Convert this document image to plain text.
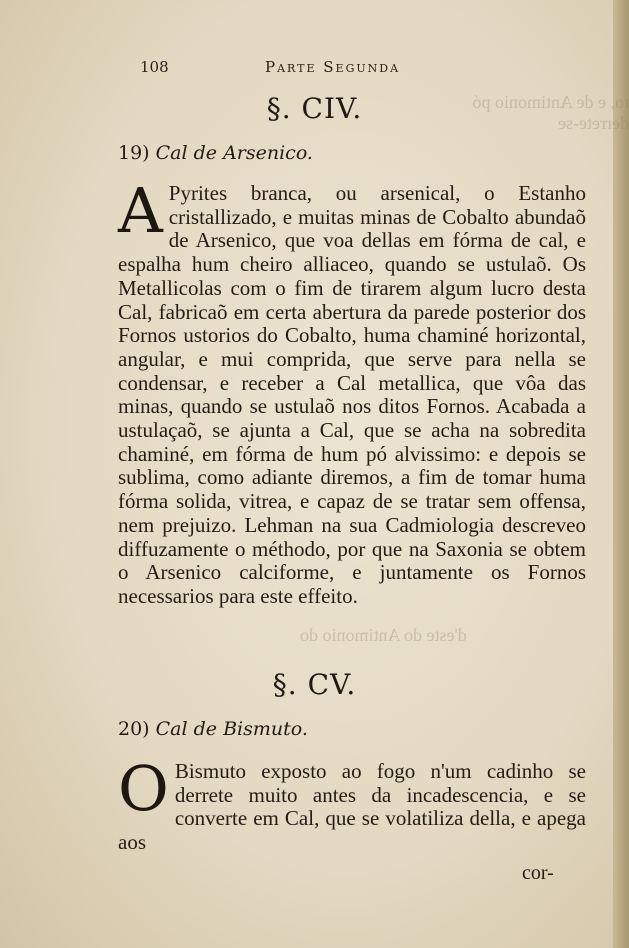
to, e de Antimonio pó derrete-se
d'este do Antimonio do
108	Parte Segunda
§. CIV.
19) Cal de Arsenico.
A Pyrites branca, ou arsenical, o Estanho cristallizado, e muitas minas de Cobalto abundaõ de Arsenico, que voa dellas em fórma de cal, e espalha hum cheiro alliaceo, quando se ustulaõ. Os Metallicolas com o fim de tirarem algum lucro desta Cal, fabricaõ em certa abertura da parede posterior dos Fornos ustorios do Cobalto, huma chaminé horizontal, angular, e mui comprida, que serve para nella se condensar, e receber a Cal metallica, que vôa das minas, quando se ustulaõ nos ditos Fornos. Acabada a ustulaçaõ, se ajunta a Cal, que se acha na sobredita chaminé, em fórma de hum pó alvissimo: e depois se sublima, como adiante diremos, a fim de tomar huma fórma solida, vitrea, e capaz de se tratar sem offensa, nem prejuizo. Lehman na sua Cadmiologia descreveo diffuzamente o méthodo, por que na Saxonia se obtem o Arsenico calciforme, e juntamente os Fornos necessarios para este effeito.
§. CV.
20) Cal de Bismuto.
O Bismuto exposto ao fogo n'um cadinho se derrete muito antes da incadescencia, e se converte em Cal, que se volatiliza della, e apega aos
cor-
